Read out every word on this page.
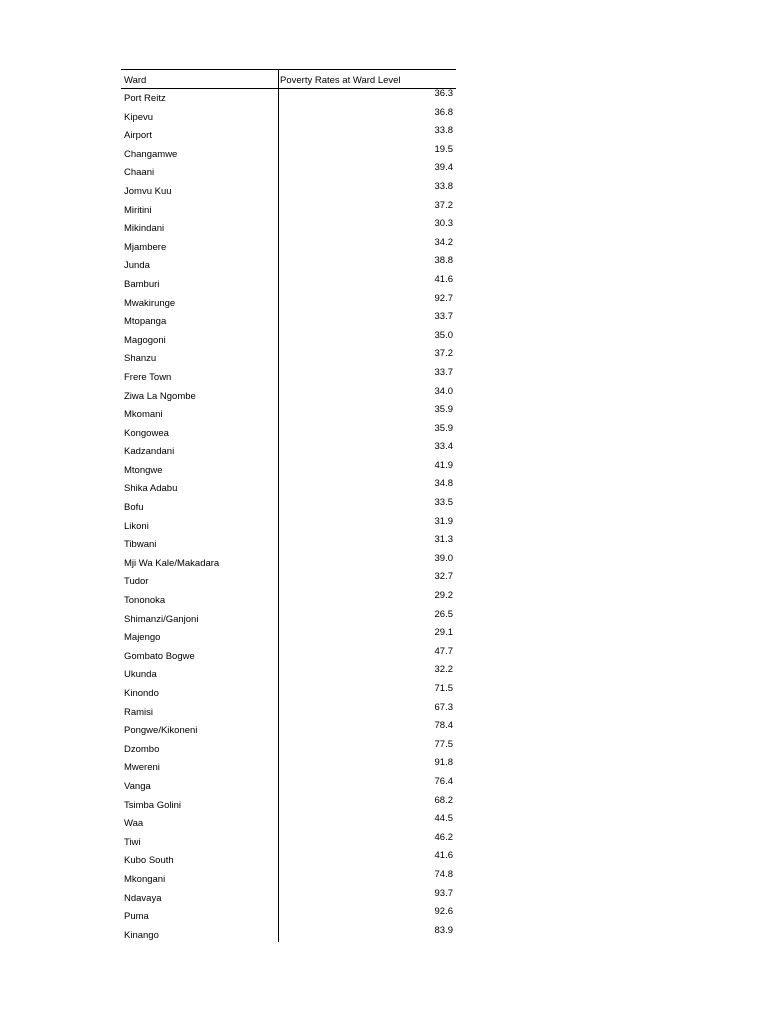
Ward	Poverty Rates at Ward Level
Port Reitz	36.3
Kipevu	36.8
Airport	33.8
Changamwe	19.5
Chaani	39.4
Jomvu Kuu	33.8
Miritini	37.2
Mikindani	30.3
Mjambere	34.2
Junda	38.8
Bamburi	41.6
Mwakirunge	92.7
Mtopanga	33.7
Magogoni	35.0
Shanzu	37.2
Frere Town	33.7
Ziwa La Ngombe	34.0
Mkomani	35.9
Kongowea	35.9
Kadzandani	33.4
Mtongwe	41.9
Shika Adabu	34.8
Bofu	33.5
Likoni	31.9
Tibwani	31.3
Mji Wa Kale/Makadara	39.0
Tudor	32.7
Tononoka	29.2
Shimanzi/Ganjoni	26.5
Majengo	29.1
Gombato Bogwe	47.7
Ukunda	32.2
Kinondo	71.5
Ramisi	67.3
Pongwe/Kikoneni	78.4
Dzombo	77.5
Mwereni	91.8
Vanga	76.4
Tsimba Golini	68.2
Waa	44.5
Tiwi	46.2
Kubo South	41.6
Mkongani	74.8
Ndavaya	93.7
Puma	92.6
Kinango	83.9
